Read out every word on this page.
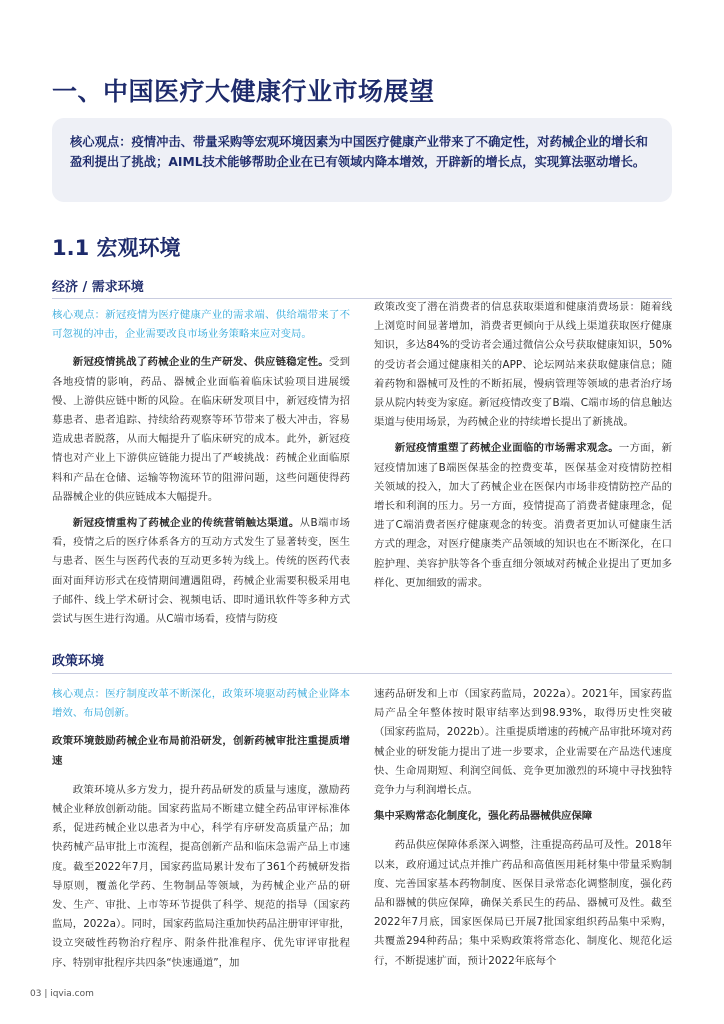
一、中国医疗大健康行业市场展望

核心观点：疫情冲击、带量采购等宏观环境因素为中国医疗健康产业带来了不确定性，对药械企业的增长和盈利提出了挑战；AIML技术能够帮助企业在已有领域内降本增效，开辟新的增长点，实现算法驱动增长。

1.1 宏观环境
经济 / 需求环境

核心观点：新冠疫情为医疗健康产业的需求端、供给端带来了不可忽视的冲击，企业需要改良市场业务策略来应对变局。

新冠疫情挑战了药械企业的生产研发、供应链稳定性。受到各地疫情的影响，药品、器械企业面临着临床试验项目进展缓慢、上游供应链中断的风险。在临床研发项目中，新冠疫情为招募患者、患者追踪、持续给药观察等环节带来了极大冲击，容易造成患者脱落，从而大幅提升了临床研究的成本。此外，新冠疫情也对产业上下游供应链能力提出了严峻挑战：药械企业面临原料和产品在仓储、运输等物流环节的阻滞问题，这些问题使得药品器械企业的供应链成本大幅提升。

新冠疫情重构了药械企业的传统营销触达渠道。从B端市场看，疫情之后的医疗体系各方的互动方式发生了显著转变，医生与患者、医生与医药代表的互动更多转为线上。传统的医药代表面对面拜访形式在疫情期间遭遇阻碍，药械企业需要积极采用电子邮件、线上学术研讨会、视频电话、即时通讯软件等多种方式尝试与医生进行沟通。从C端市场看，疫情与防疫

政策改变了潜在消费者的信息获取渠道和健康消费场景：随着线上浏览时间显著增加，消费者更倾向于从线上渠道获取医疗健康知识，多达84%的受访者会通过微信公众号获取健康知识，50%的受访者会通过健康相关的APP、论坛网站来获取健康信息；随着药物和器械可及性的不断拓展，慢病管理等领域的患者治疗场景从院内转变为家庭。新冠疫情改变了B端、C端市场的信息触达渠道与使用场景，为药械企业的持续增长提出了新挑战。

新冠疫情重塑了药械企业面临的市场需求观念。一方面，新冠疫情加速了B端医保基金的控费变革，医保基金对疫情防控相关领域的投入，加大了药械企业在医保内市场非疫情防控产品的增长和利润的压力。另一方面，疫情提高了消费者健康理念，促进了C端消费者医疗健康观念的转变。消费者更加认可健康生活方式的理念，对医疗健康类产品领域的知识也在不断深化，在口腔护理、美容护肤等各个垂直细分领域对药械企业提出了更加多样化、更加细致的需求。

政策环境

核心观点：医疗制度改革不断深化，政策环境驱动药械企业降本增效、布局创新。

政策环境鼓励药械企业布局前沿研发，创新药械审批注重提质增速

政策环境从多方发力，提升药品研发的质量与速度，激励药械企业释放创新动能。国家药监局不断建立健全药品审评标准体系，促进药械企业以患者为中心，科学有序研发高质量产品；加快药械产品审批上市流程，提高创新产品和临床急需产品上市速度。截至2022年7月，国家药监局累计发布了361个药械研发指导原则，覆盖化学药、生物制品等领域，为药械企业产品的研发、生产、审批、上市等环节提供了科学、规范的指导（国家药监局，2022a）。同时，国家药监局注重加快药品注册审评审批，设立突破性药物治疗程序、附条件批准程序、优先审评审批程序、特别审批程序共四条“快速通道”，加

速药品研发和上市（国家药监局，2022a）。2021年，国家药监局产品全年整体按时限审结率达到98.93%，取得历史性突破（国家药监局，2022b）。注重提质增速的药械产品审批环境对药械企业的研发能力提出了进一步要求，企业需要在产品迭代速度快、生命周期短、利润空间低、竞争更加激烈的环境中寻找独特竞争力与利润增长点。

集中采购常态化制度化，强化药品器械供应保障

药品供应保障体系深入调整，注重提高药品可及性。2018年以来，政府通过试点并推广药品和高值医用耗材集中带量采购制度、完善国家基本药物制度、医保目录常态化调整制度，强化药品和器械的供应保障，确保关系民生的药品、器械可及性。截至2022年7月底，国家医保局已开展7批国家组织药品集中采购，共覆盖294种药品；集中采购政策将常态化、制度化、规范化运行，不断提速扩面，预计2022年底每个

03 | iqvia.com
